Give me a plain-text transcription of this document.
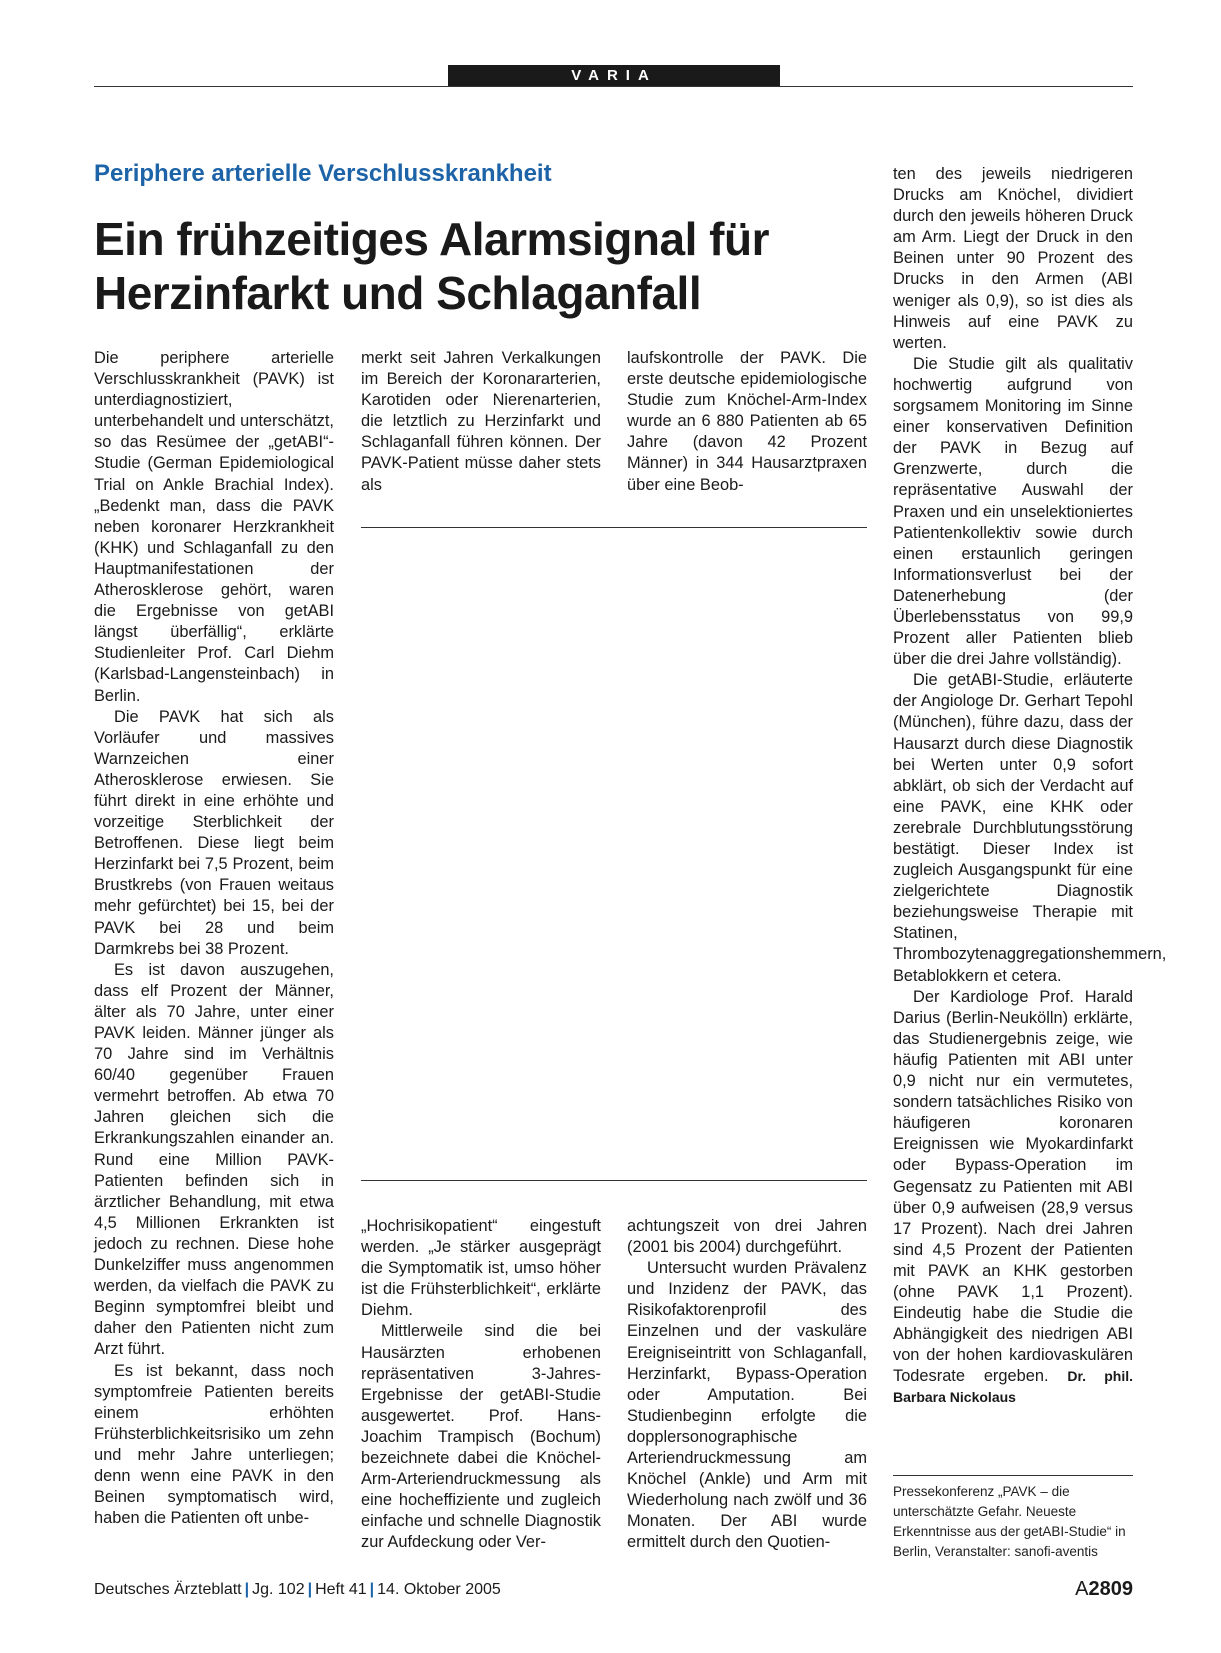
VARIA
Periphere arterielle Verschlusskrankheit
Ein frühzeitiges Alarmsignal für Herzinfarkt und Schlaganfall

Die periphere arterielle Verschlusskrankheit (PAVK) ist unterdiagnostiziert, unterbehandelt und unterschätzt, so das Resümee der „getABI“-Studie (German Epidemiological Trial on Ankle Brachial Index). „Bedenkt man, dass die PAVK neben koronarer Herzkrankheit (KHK) und Schlaganfall zu den Hauptmanifestationen der Atherosklerose gehört, waren die Ergebnisse von getABI längst überfällig“, erklärte Studienleiter Prof. Carl Diehm (Karlsbad-Langensteinbach) in Berlin.

Die PAVK hat sich als Vorläufer und massives Warnzeichen einer Atherosklerose erwiesen. Sie führt direkt in eine erhöhte und vorzeitige Sterblichkeit der Betroffenen. Diese liegt beim Herzinfarkt bei 7,5 Prozent, beim Brustkrebs (von Frauen weitaus mehr gefürchtet) bei 15, bei der PAVK bei 28 und beim Darmkrebs bei 38 Prozent.

Es ist davon auszugehen, dass elf Prozent der Männer, älter als 70 Jahre, unter einer PAVK leiden. Männer jünger als 70 Jahre sind im Verhältnis 60/40 gegenüber Frauen vermehrt betroffen. Ab etwa 70 Jahren gleichen sich die Erkrankungszahlen einander an. Rund eine Million PAVK-Patienten befinden sich in ärztlicher Behandlung, mit etwa 4,5 Millionen Erkrankten ist jedoch zu rechnen. Diese hohe Dunkelziffer muss angenommen werden, da vielfach die PAVK zu Beginn symptomfrei bleibt und daher den Patienten nicht zum Arzt führt.

Es ist bekannt, dass noch symptomfreie Patienten bereits einem erhöhten Frühsterblichkeitsrisiko um zehn und mehr Jahre unterliegen; denn wenn eine PAVK in den Beinen symptomatisch wird, haben die Patienten oft unbe-

merkt seit Jahren Verkalkungen im Bereich der Koronararterien, Karotiden oder Nierenarterien, die letztlich zu Herzinfarkt und Schlaganfall führen können. Der PAVK-Patient müsse daher stets als

laufskontrolle der PAVK. Die erste deutsche epidemiologische Studie zum Knöchel-Arm-Index wurde an 6 880 Patienten ab 65 Jahre (davon 42 Prozent Männer) in 344 Hausarztpraxen über eine Beob-

„Hochrisikopatient“ eingestuft werden. „Je stärker ausgeprägt die Symptomatik ist, umso höher ist die Frühsterblichkeit“, erklärte Diehm.

Mittlerweile sind die bei Hausärzten erhobenen repräsentativen 3-Jahres-Ergebnisse der getABI-Studie ausgewertet. Prof. Hans-Joachim Trampisch (Bochum) bezeichnete dabei die Knöchel-Arm-Arteriendruckmessung als eine hocheffiziente und zugleich einfache und schnelle Diagnostik zur Aufdeckung oder Ver-

achtungszeit von drei Jahren (2001 bis 2004) durchgeführt.

Untersucht wurden Prävalenz und Inzidenz der PAVK, das Risikofaktorenprofil des Einzelnen und der vaskuläre Ereigniseintritt von Schlaganfall, Herzinfarkt, Bypass-Operation oder Amputation. Bei Studienbeginn erfolgte die dopplersonographische Arteriendruckmessung am Knöchel (Ankle) und Arm mit Wiederholung nach zwölf und 36 Monaten. Der ABI wurde ermittelt durch den Quotien-

ten des jeweils niedrigeren Drucks am Knöchel, dividiert durch den jeweils höheren Druck am Arm. Liegt der Druck in den Beinen unter 90 Prozent des Drucks in den Armen (ABI weniger als 0,9), so ist dies als Hinweis auf eine PAVK zu werten.

Die Studie gilt als qualitativ hochwertig aufgrund von sorgsamem Monitoring im Sinne einer konservativen Definition der PAVK in Bezug auf Grenzwerte, durch die repräsentative Auswahl der Praxen und ein unselektioniertes Patientenkollektiv sowie durch einen erstaunlich geringen Informationsverlust bei der Datenerhebung (der Überlebensstatus von 99,9 Prozent aller Patienten blieb über die drei Jahre vollständig).

Die getABI-Studie, erläuterte der Angiologe Dr. Gerhart Tepohl (München), führe dazu, dass der Hausarzt durch diese Diagnostik bei Werten unter 0,9 sofort abklärt, ob sich der Verdacht auf eine PAVK, eine KHK oder zerebrale Durchblutungsstörung bestätigt. Dieser Index ist zugleich Ausgangspunkt für eine zielgerichtete Diagnostik beziehungsweise Therapie mit Statinen, Thrombozytenaggregationshemmern, Betablokkern et cetera.

Der Kardiologe Prof. Harald Darius (Berlin-Neukölln) erklärte, das Studienergebnis zeige, wie häufig Patienten mit ABI unter 0,9 nicht nur ein vermutetes, sondern tatsächliches Risiko von häufigeren koronaren Ereignissen wie Myokardinfarkt oder Bypass-Operation im Gegensatz zu Patienten mit ABI über 0,9 aufweisen (28,9 versus 17 Prozent). Nach drei Jahren sind 4,5 Prozent der Patienten mit PAVK an KHK gestorben (ohne PAVK 1,1 Prozent). Eindeutig habe die Studie die Abhängigkeit des niedrigen ABI von der hohen kardiovaskulären Todesrate ergeben. Dr. phil. Barbara Nickolaus

Pressekonferenz „PAVK – die unterschätzte Gefahr. Neueste Erkenntnisse aus der getABI-Studie“ in Berlin, Veranstalter: sanofi-aventis
Deutsches Ärzteblatt | Jg. 102 | Heft 41 | 14. Oktober 2005	A2809
